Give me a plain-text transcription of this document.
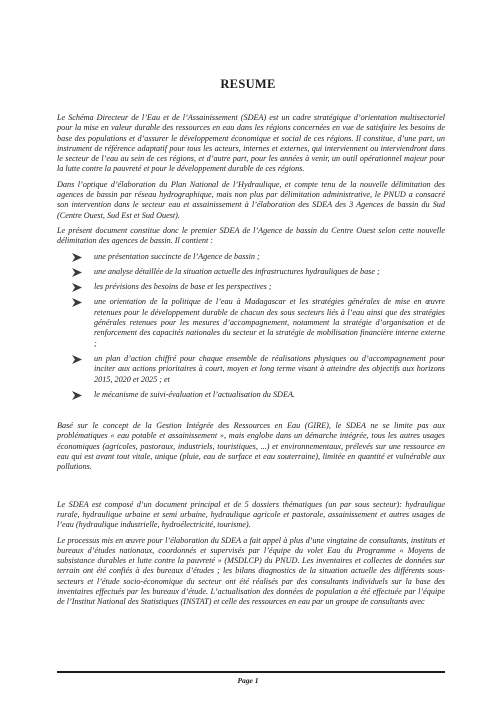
RESUME

Le Schéma Directeur de l’Eau et de l’Assainissement (SDEA) est un cadre stratégique d’orientation multisectoriel pour la mise en valeur durable des ressources en eau dans les régions concernées en vue de satisfaire les besoins de base des populations et d’assurer le développement économique et social de ces régions. Il constitue, d’une part, un instrument de référence adaptatif pour tous les acteurs, internes et externes, qui interviennent ou interviendront dans le secteur de l’eau au sein de ces régions, et d’autre part, pour les années à venir, un outil opérationnel majeur pour la lutte contre la pauvreté et pour le développement durable de ces régions.

Dans l’optique d’élaboration du Plan National de l’Hydraulique, et compte tenu de la nouvelle délimitation des agences de bassin par réseau hydrographique, mais non plus par délimitation administrative, le PNUD a consacré son intervention dans le secteur eau et assainissement à l’élaboration des SDEA des 3 Agences de bassin du Sud (Centre Ouest, Sud Est et Sud Ouest).

Le présent document constitue donc le premier SDEA de l’Agence de bassin du Centre Ouest selon cette nouvelle délimitation des agences de bassin. Il contient :

une présentation succincte de l’Agence de bassin ;
une analyse détaillée de la situation actuelle des infrastructures hydrauliques de base ;
les prévisions des besoins de base et les perspectives ;
une orientation de la politique de l’eau à Madagascar et les stratégies générales de mise en œuvre retenues pour le développement durable de chacun des sous secteurs liés à l’eau ainsi que des stratégies générales retenues pour les mesures d’accompagnement, notamment la stratégie d’organisation et de renforcement des capacités nationales du secteur et la stratégie de mobilisation financière interne externe ;
un plan d’action chiffré pour chaque ensemble de réalisations physiques ou d’accompagnement pour inciter aux actions prioritaires à court, moyen et long terme visant à atteindre des objectifs aux horizons 2015, 2020 et 2025 ; et
le mécanisme de suivi-évaluation et l’actualisation du SDEA.

Basé sur le concept de la Gestion Intégrée des Ressources en Eau (GIRE), le SDEA ne se limite pas aux problématiques « eau potable et assainissement », mais englobe dans un démarche intégrée, tous les autres usages économiques (agricoles, pastoraux, industriels, touristiques, ...) et environnementaux, prélevés sur une ressource en eau qui est avant tout vitale, unique (pluie, eau de surface et eau souterraine), limitée en quantité et vulnérable aux pollutions.

Le SDEA est composé d’un document principal et de 5 dossiers thématiques (un par sous secteur): hydraulique rurale, hydraulique urbaine et semi urbaine, hydraulique agricole et pastorale, assainissement et autres usages de l’eau (hydraulique industrielle, hydroélectricité, tourisme).

Le processus mis en œuvre pour l’élaboration du SDEA a fait appel à plus d’une vingtaine de consultants, instituts et bureaux d’études nationaux, coordonnés et supervisés par l’équipe du volet Eau du Programme « Moyens de subsistance durables et lutte contre la pauvreté » (MSDLCP) du PNUD. Les inventaires et collectes de données sur terrain ont été confiés à des bureaux d’études ; les bilans diagnostics de la situation actuelle des différents sous-secteurs et l’étude socio-économique du secteur ont été réalisés par des consultants individuels sur la base des inventaires effectués par les bureaux d’étude. L’actualisation des données de population a été effectuée par l’équipe de l’Institut National des Statistiques (INSTAT) et celle des ressources en eau par un groupe de consultants avec

Page 1
